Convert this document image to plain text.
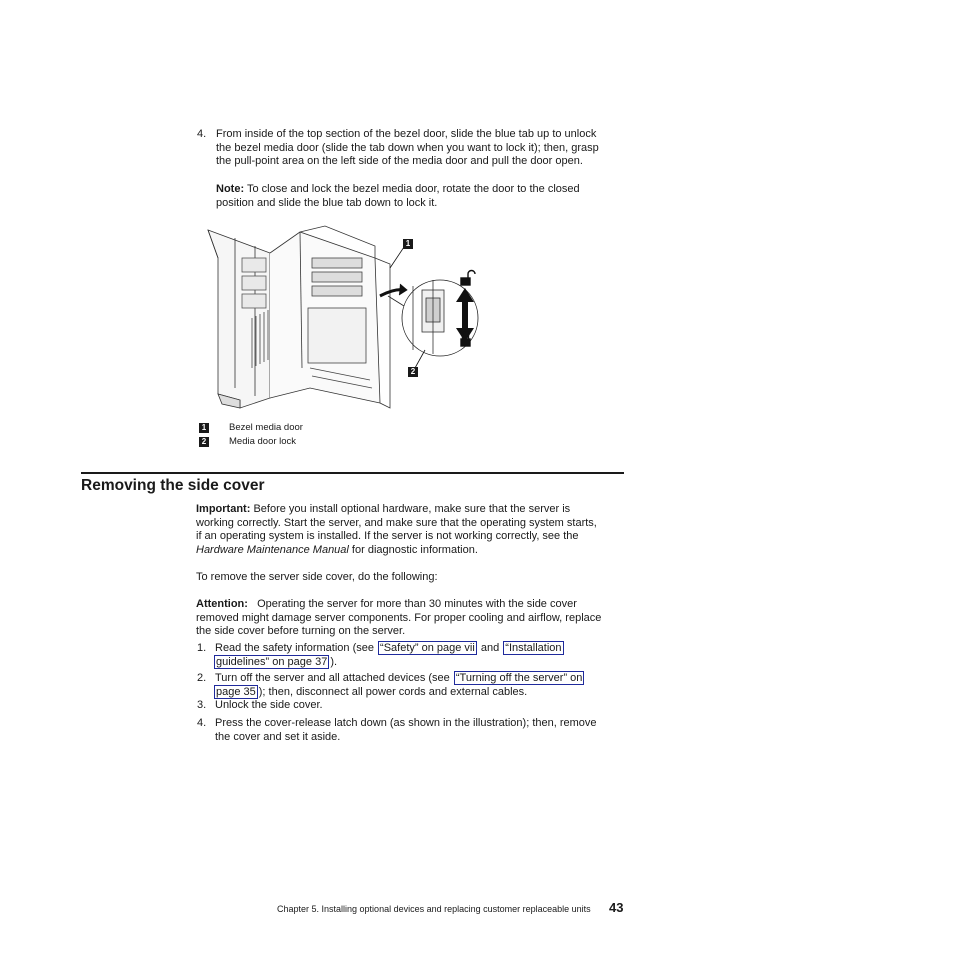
4. From inside of the top section of the bezel door, slide the blue tab up to unlock
the bezel media door (slide the tab down when you want to lock it); then, grasp
the pull-point area on the left side of the media door and pull the door open.
Note: To close and lock the bezel media door, rotate the door to the closed
position and slide the blue tab down to lock it.
1
2
1 Bezel media door
2 Media door lock
Removing the side cover
Important: Before you install optional hardware, make sure that the server is
working correctly. Start the server, and make sure that the operating system starts,
if an operating system is installed. If the server is not working correctly, see the
Hardware Maintenance Manual for diagnostic information.
To remove the server side cover, do the following:
Attention: Operating the server for more than 30 minutes with the side cover
removed might damage server components. For proper cooling and airflow, replace
the side cover before turning on the server.
1. Read the safety information (see “Safety” on page vii and “Installation
guidelines” on page 37 ).
2. Turn off the server and all attached devices (see “Turning off the server” on
page 35 ); then, disconnect all power cords and external cables.
3. Unlock the side cover.
4. Press the cover-release latch down (as shown in the illustration); then, remove
the cover and set it aside.
Chapter 5. Installing optional devices and replacing customer replaceable units 43
